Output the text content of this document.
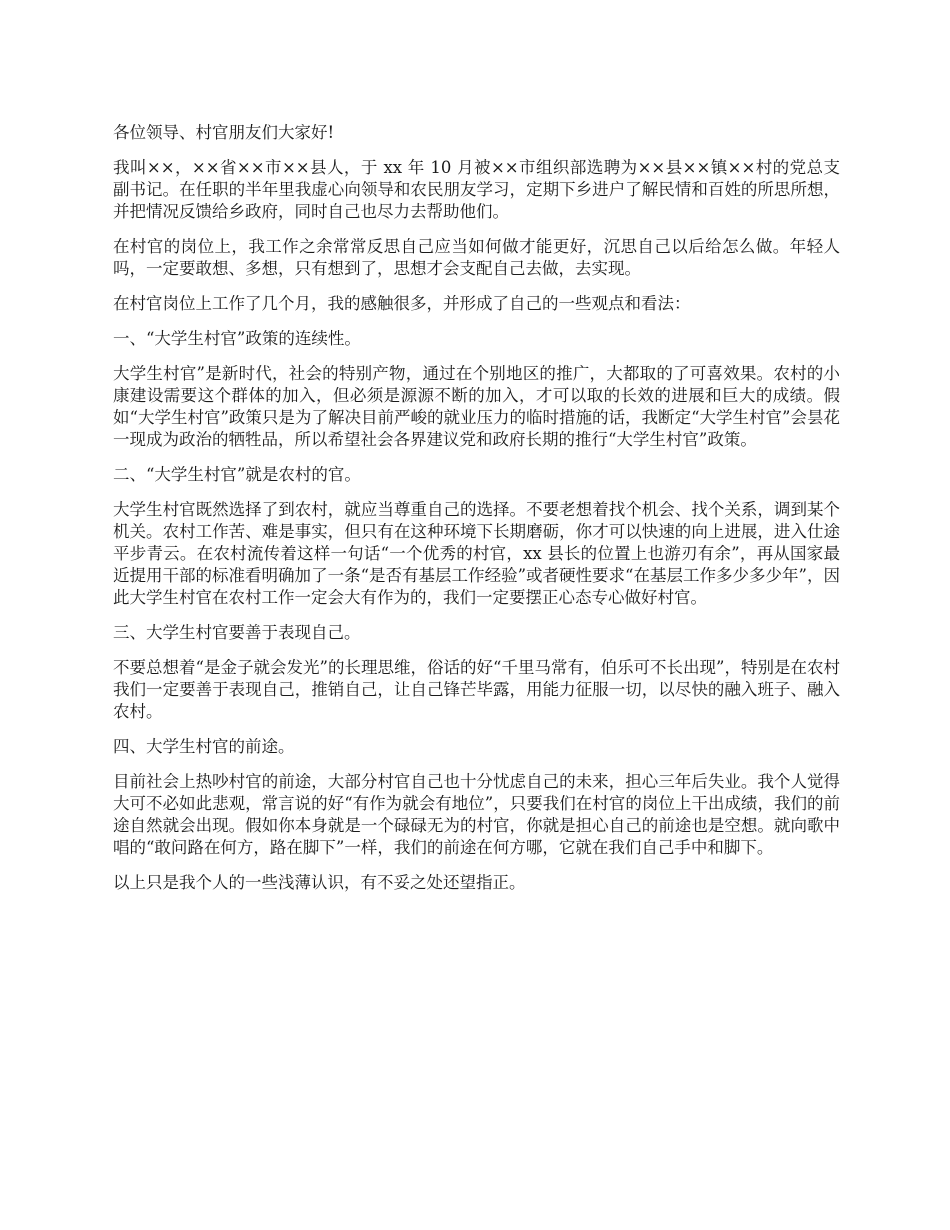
各位领导、村官朋友们大家好!

我叫××，××省××市××县人，于 xx 年 10 月被××市组织部选聘为××县××镇××村的党总支副书记。在任职的半年里我虚心向领导和农民朋友学习，定期下乡进户了解民情和百姓的所思所想，并把情况反馈给乡政府，同时自己也尽力去帮助他们。

在村官的岗位上，我工作之余常常反思自己应当如何做才能更好，沉思自己以后给怎么做。年轻人吗，一定要敢想、多想，只有想到了，思想才会支配自己去做，去实现。

在村官岗位上工作了几个月，我的感触很多，并形成了自己的一些观点和看法：

一、“大学生村官”政策的连续性。

大学生村官”是新时代，社会的特别产物，通过在个别地区的推广，大都取的了可喜效果。农村的小康建设需要这个群体的加入，但必须是源源不断的加入，才可以取的长效的进展和巨大的成绩。假如“大学生村官”政策只是为了解决目前严峻的就业压力的临时措施的话，我断定“大学生村官”会昙花一现成为政治的牺牲品，所以希望社会各界建议党和政府长期的推行“大学生村官”政策。

二、“大学生村官”就是农村的官。

大学生村官既然选择了到农村，就应当尊重自己的选择。不要老想着找个机会、找个关系，调到某个机关。农村工作苦、难是事实，但只有在这种环境下长期磨砺，你才可以快速的向上进展，进入仕途平步青云。在农村流传着这样一句话“一个优秀的村官，xx 县长的位置上也游刃有余”，再从国家最近提用干部的标准看明确加了一条“是否有基层工作经验”或者硬性要求“在基层工作多少多少年”，因此大学生村官在农村工作一定会大有作为的，我们一定要摆正心态专心做好村官。

三、大学生村官要善于表现自己。

不要总想着“是金子就会发光”的长理思维，俗话的好“千里马常有，伯乐可不长出现”，特别是在农村我们一定要善于表现自己，推销自己，让自己锋芒毕露，用能力征服一切，以尽快的融入班子、融入农村。

四、大学生村官的前途。

目前社会上热吵村官的前途，大部分村官自己也十分忧虑自己的未来，担心三年后失业。我个人觉得大可不必如此悲观，常言说的好“有作为就会有地位”，只要我们在村官的岗位上干出成绩，我们的前途自然就会出现。假如你本身就是一个碌碌无为的村官，你就是担心自己的前途也是空想。就向歌中唱的“敢问路在何方，路在脚下”一样，我们的前途在何方哪，它就在我们自己手中和脚下。

以上只是我个人的一些浅薄认识，有不妥之处还望指正。
